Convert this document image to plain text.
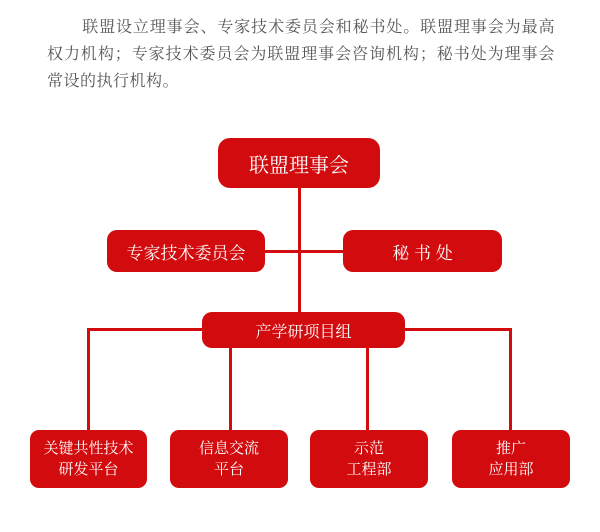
联盟设立理事会、专家技术委员会和秘书处。联盟理事会为最高权力机构；专家技术委员会为联盟理事会咨询机构；秘书处为理事会常设的执行机构。

联盟理事会
专家技术委员会	秘 书 处
产学研项目组
关键共性技术
研发平台
信息交流
平台
示范
工程部
推广
应用部
